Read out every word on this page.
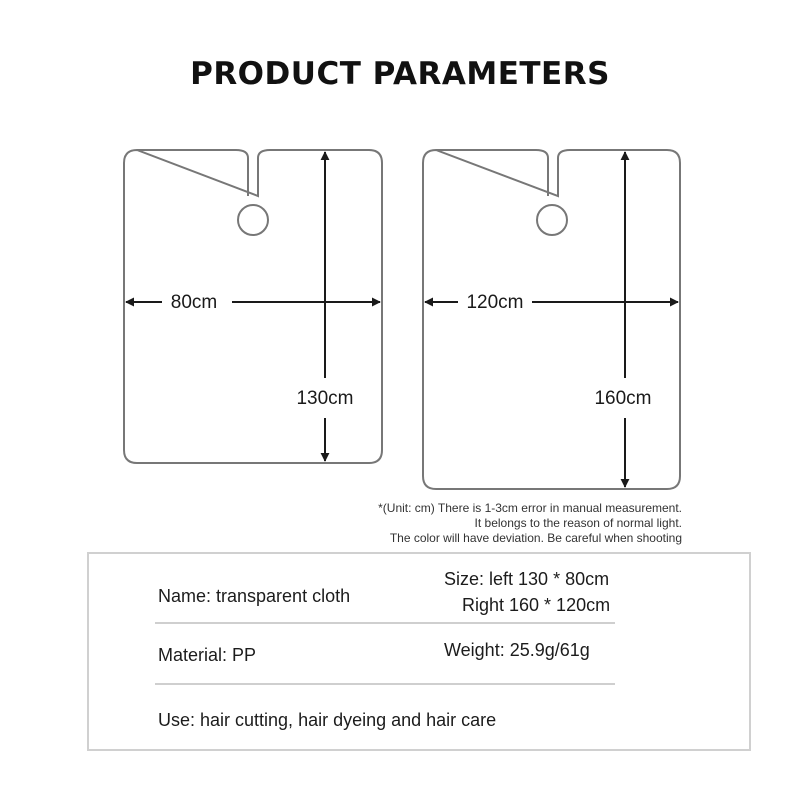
PRODUCT PARAMETERS
80cm
130cm
120cm
160cm
*(Unit: cm) There is 1-3cm error in manual measurement.
It belongs to the reason of normal light.
The color will have deviation. Be careful when shooting
Name: transparent cloth
Size: left 130 * 80cm
Right 160 * 120cm
Material: PP	Weight: 25.9g/61g
Use: hair cutting, hair dyeing and hair care
